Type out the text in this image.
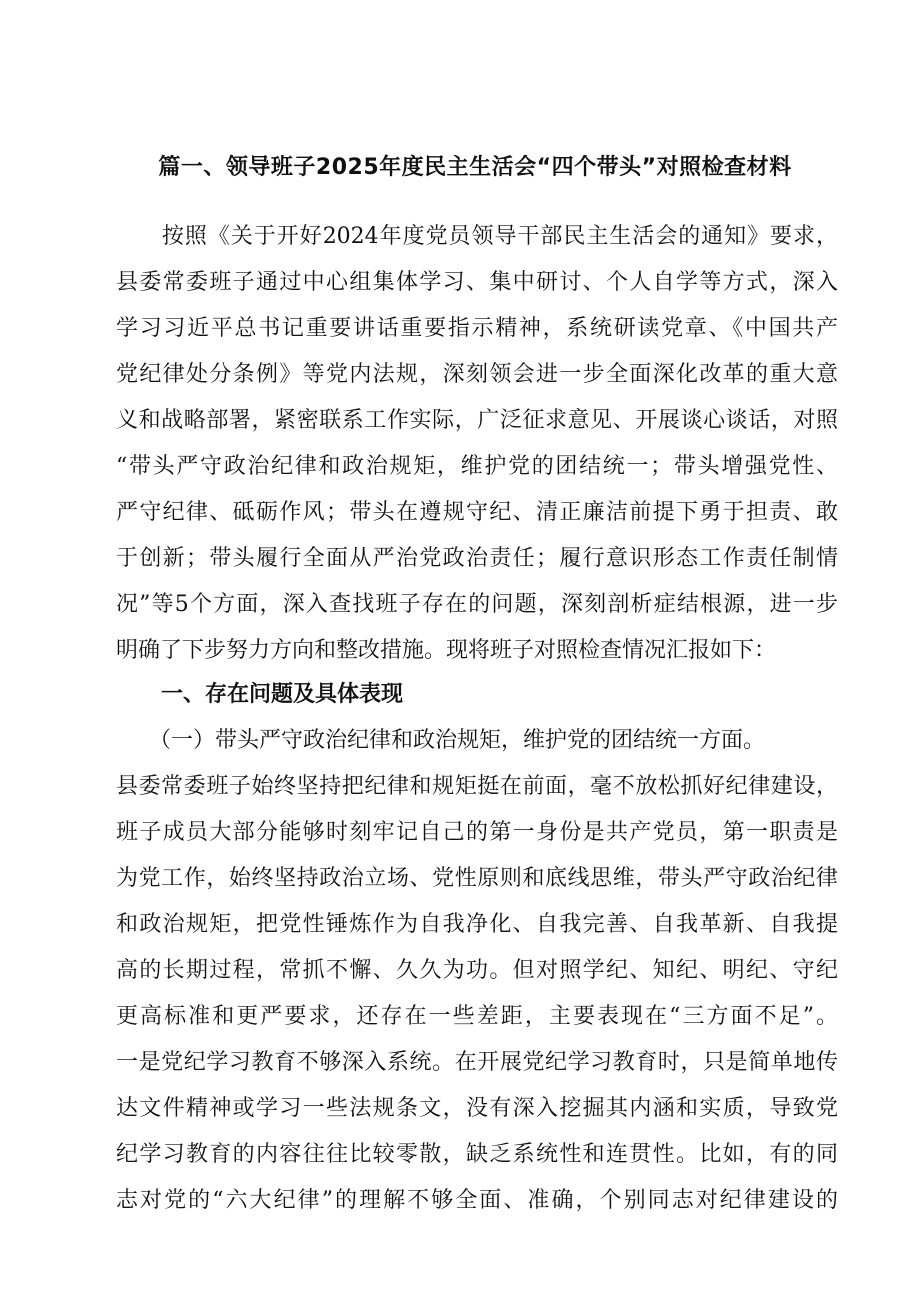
篇一、领导班子2025年度民主生活会“四个带头”对照检查材料
　　按照《关于开好2024年度党员领导干部民主生活会的通知》要求，
县委常委班子通过中心组集体学习、集中研讨、个人自学等方式，深入
学习习近平总书记重要讲话重要指示精神，系统研读党章、《中国共产
党纪律处分条例》等党内法规，深刻领会进一步全面深化改革的重大意
义和战略部署，紧密联系工作实际，广泛征求意见、开展谈心谈话，对照
“带头严守政治纪律和政治规矩，维护党的团结统一；带头增强党性、
严守纪律、砥砺作风；带头在遵规守纪、清正廉洁前提下勇于担责、敢
于创新；带头履行全面从严治党政治责任；履行意识形态工作责任制情
况”等5个方面，深入查找班子存在的问题，深刻剖析症结根源，进一步
明确了下步努力方向和整改措施。现将班子对照检查情况汇报如下：
一、存在问题及具体表现
　　（一）带头严守政治纪律和政治规矩，维护党的团结统一方面。
县委常委班子始终坚持把纪律和规矩挺在前面，毫不放松抓好纪律建设，
班子成员大部分能够时刻牢记自己的第一身份是共产党员，第一职责是
为党工作，始终坚持政治立场、党性原则和底线思维，带头严守政治纪律
和政治规矩，把党性锤炼作为自我净化、自我完善、自我革新、自我提
高的长期过程，常抓不懈、久久为功。但对照学纪、知纪、明纪、守纪
更高标准和更严要求，还存在一些差距，主要表现在“三方面不足”。
一是党纪学习教育不够深入系统。在开展党纪学习教育时，只是简单地传
达文件精神或学习一些法规条文，没有深入挖掘其内涵和实质，导致党
纪学习教育的内容往往比较零散，缺乏系统性和连贯性。比如，有的同
志对党的“六大纪律”的理解不够全面、准确，个别同志对纪律建设的
